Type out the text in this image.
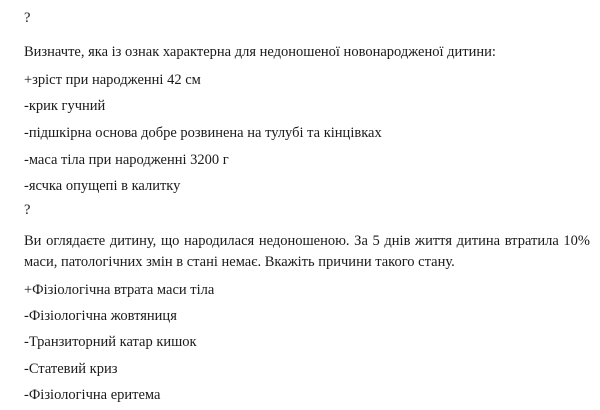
?
Визначте, яка із ознак характерна для недоношеної новонародженої дитини:
+зріст при народженні 42 см
-крик гучний
-підшкірна основа добре розвинена на тулубі та кінцівках
-маса тіла при народженні 3200 г
-ясчка опущепі в калитку
?
Ви оглядаєте дитину, що народилася недоношеною. За 5 днів життя дитина втратила 10% маси, патологічних змін в стані немає. Вкажіть причини такого стану.
+Фізіологічна втрата маси тіла
-Фізіологічна жовтяниця
-Транзиторний катар кишок
-Статевий криз
-Фізіологічна еритема
